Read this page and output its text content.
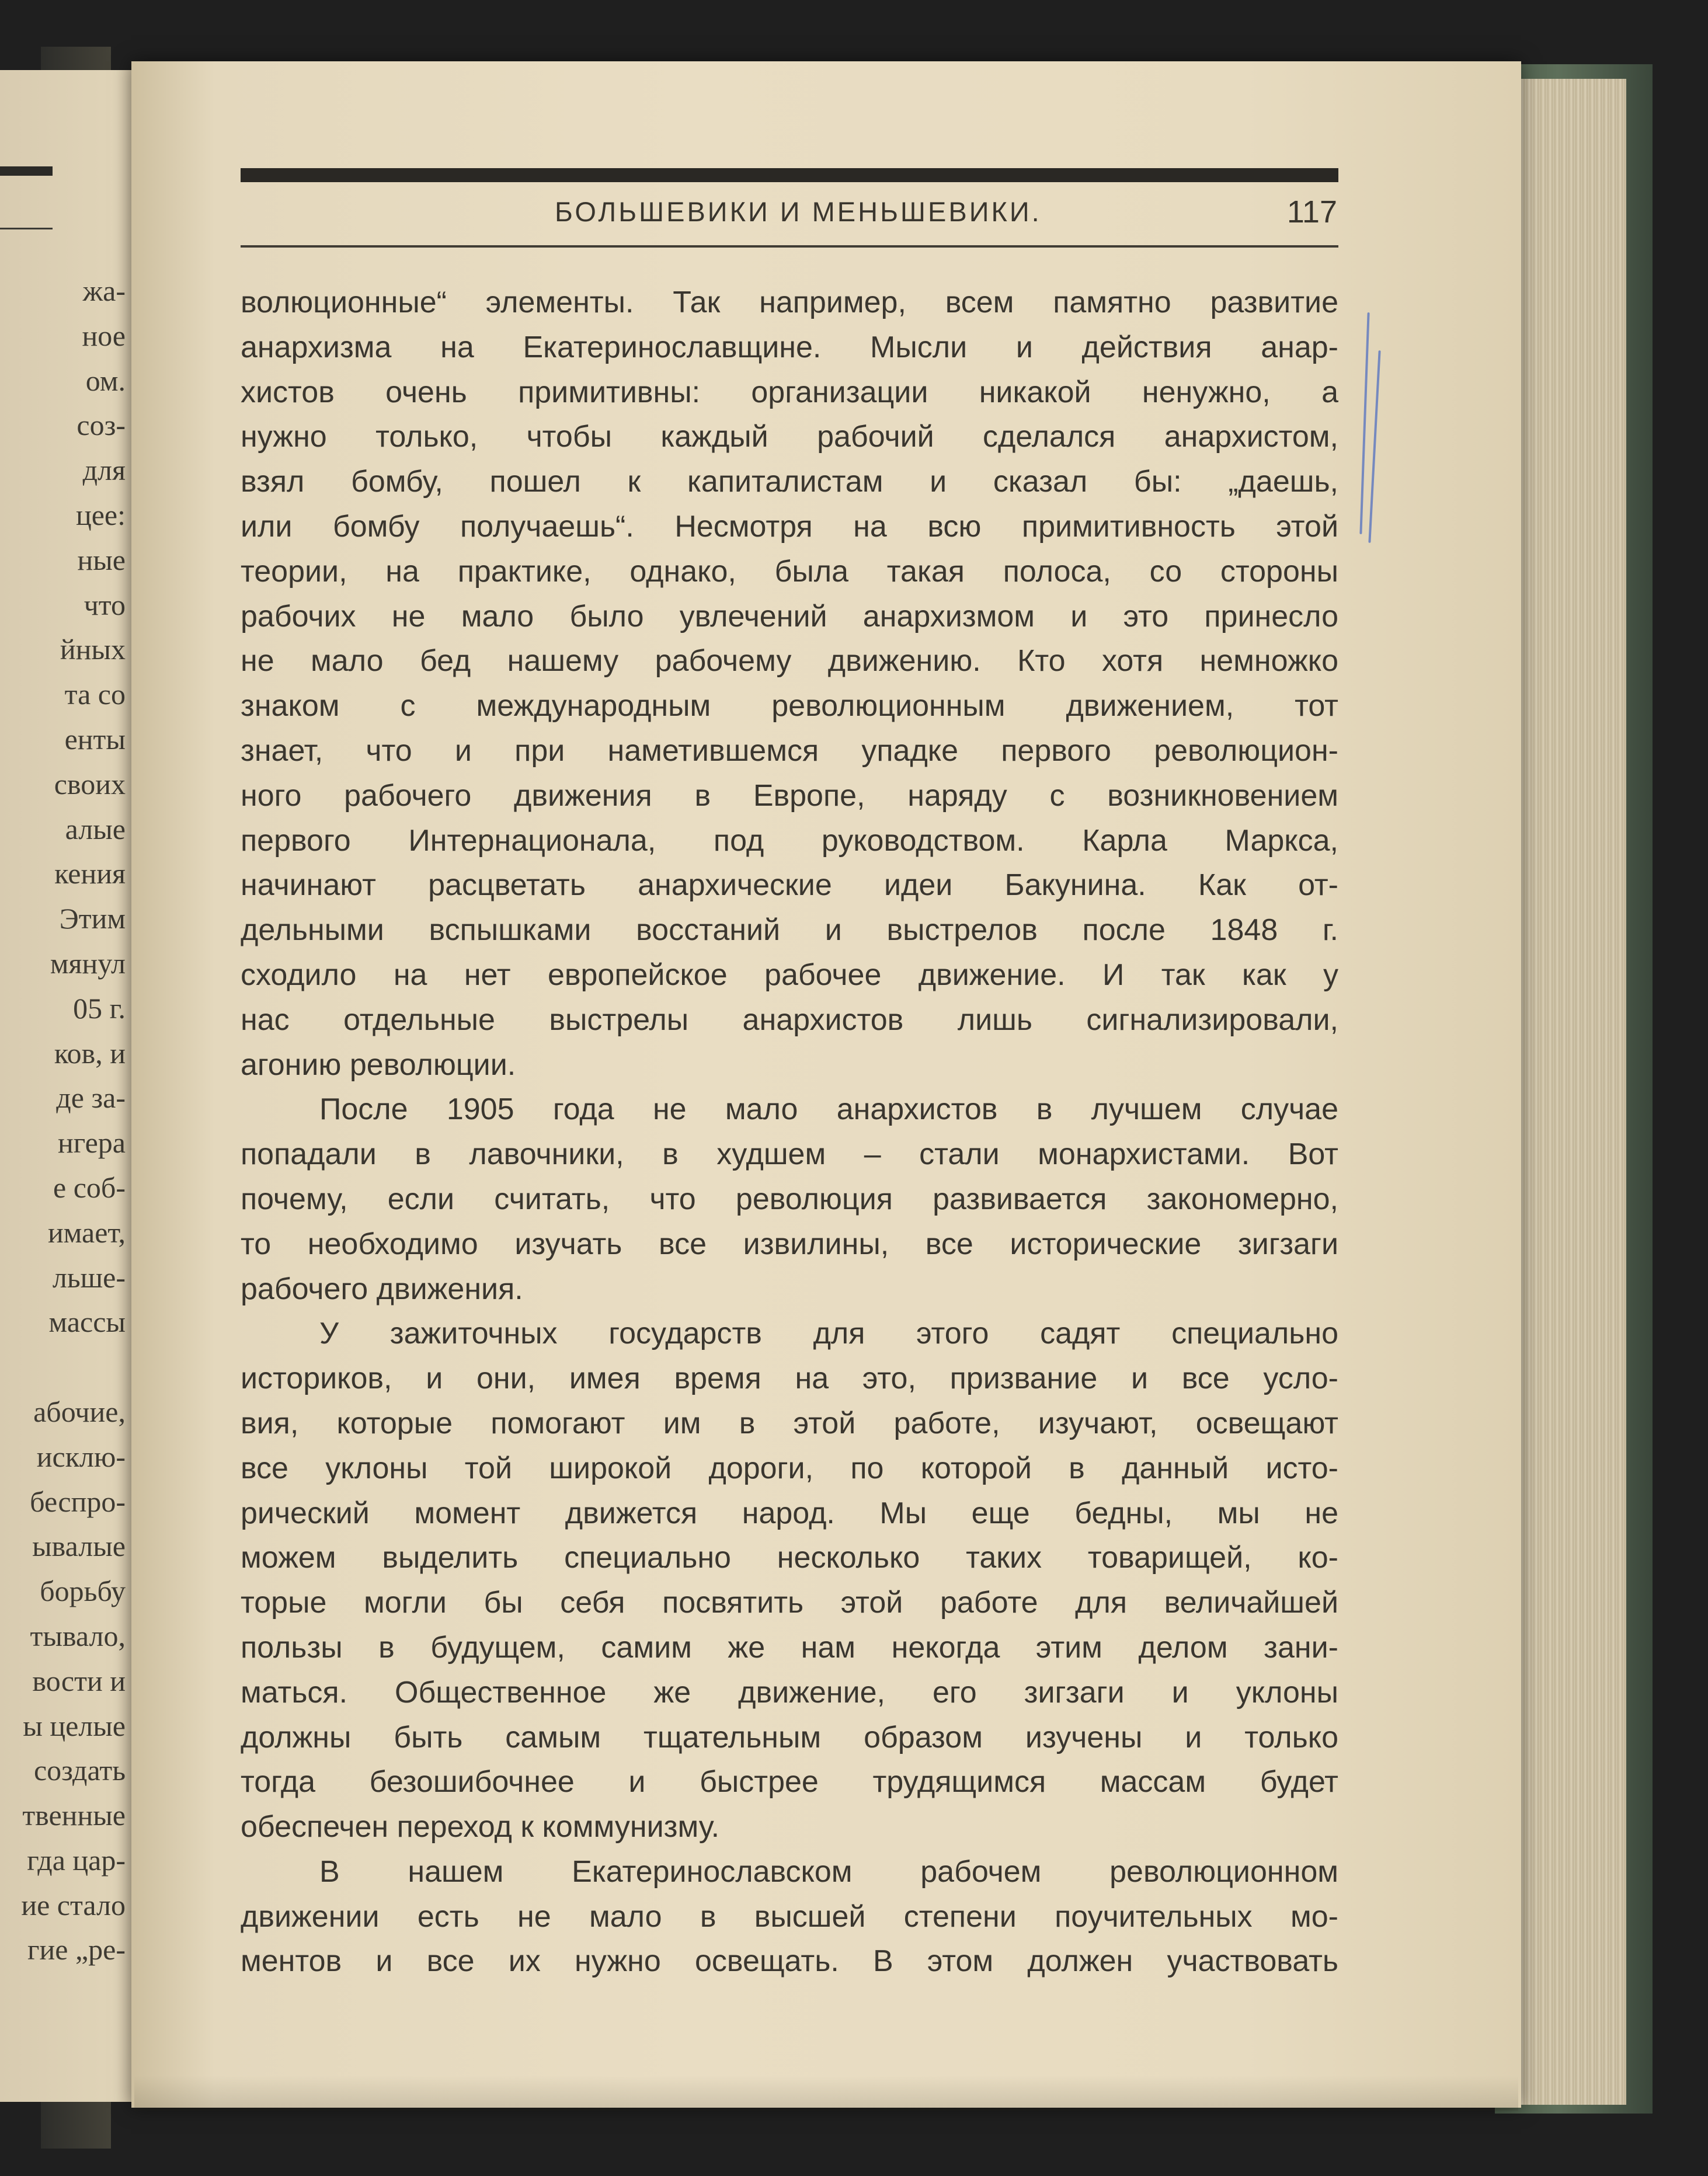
жа-
ное
ом.
соз-
для
цее:
ные
что
йных
та со
енты
своих
алые
кения
Этим
мянул
05 г.
ков, и
де за-
нгера
е соб-
имает,
льше-
массы
абочие,
исклю-
беспро-
ывалые
борьбу
тывало,
вости и
ы целые
создать
твенные
гда цар-
ие стало
гие „ре-
БОЛЬШЕВИКИ И МЕНЬШЕВИКИ.	117
волюционные“ элементы. Так например, всем памятно развитие
анархизма на Екатеринославщине. Мысли и действия анар-
хистов очень примитивны: организации никакой ненужно, а
нужно только, чтобы каждый рабочий сделался анархистом,
взял бомбу, пошел к капиталистам и сказал бы: „даешь,
или бомбу получаешь“. Несмотря на всю примитивность этой
теории, на практике, однако, была такая полоса, со стороны
рабочих не мало было увлечений анархизмом и это принесло
не мало бед нашему рабочему движению. Кто хотя немножко
знаком с международным революционным движением, тот
знает, что и при наметившемся упадке первого революцион-
ного рабочего движения в Европе, наряду с возникновением
первого Интернационала, под руководством. Карла Маркса,
начинают расцветать анархические идеи Бакунина. Как от-
дельными вспышками восстаний и выстрелов после 1848 г.
сходило на нет европейское рабочее движение. И так как у
нас отдельные выстрелы анархистов лишь сигнализировали,
агонию революции.
После 1905 года не мало анархистов в лучшем случае
попадали в лавочники, в худшем – стали монархистами. Вот
почему, если считать, что революция развивается закономерно,
то необходимо изучать все извилины, все исторические зигзаги
рабочего движения.
У зажиточных государств для этого садят специально
историков, и они, имея время на это, призвание и все усло-
вия, которые помогают им в этой работе, изучают, освещают
все уклоны той широкой дороги, по которой в данный исто-
рический момент движется народ. Мы еще бедны, мы не
можем выделить специально несколько таких товарищей, ко-
торые могли бы себя посвятить этой работе для величайшей
пользы в будущем, самим же нам некогда этим делом зани-
маться. Общественное же движение, его зигзаги и уклоны
должны быть самым тщательным образом изучены и только
тогда безошибочнее и быстрее трудящимся массам будет
обеспечен переход к коммунизму.
В нашем Екатеринославском рабочем революционном
движении есть не мало в высшей степени поучительных мо-
ментов и все их нужно освещать. В этом должен участвовать
